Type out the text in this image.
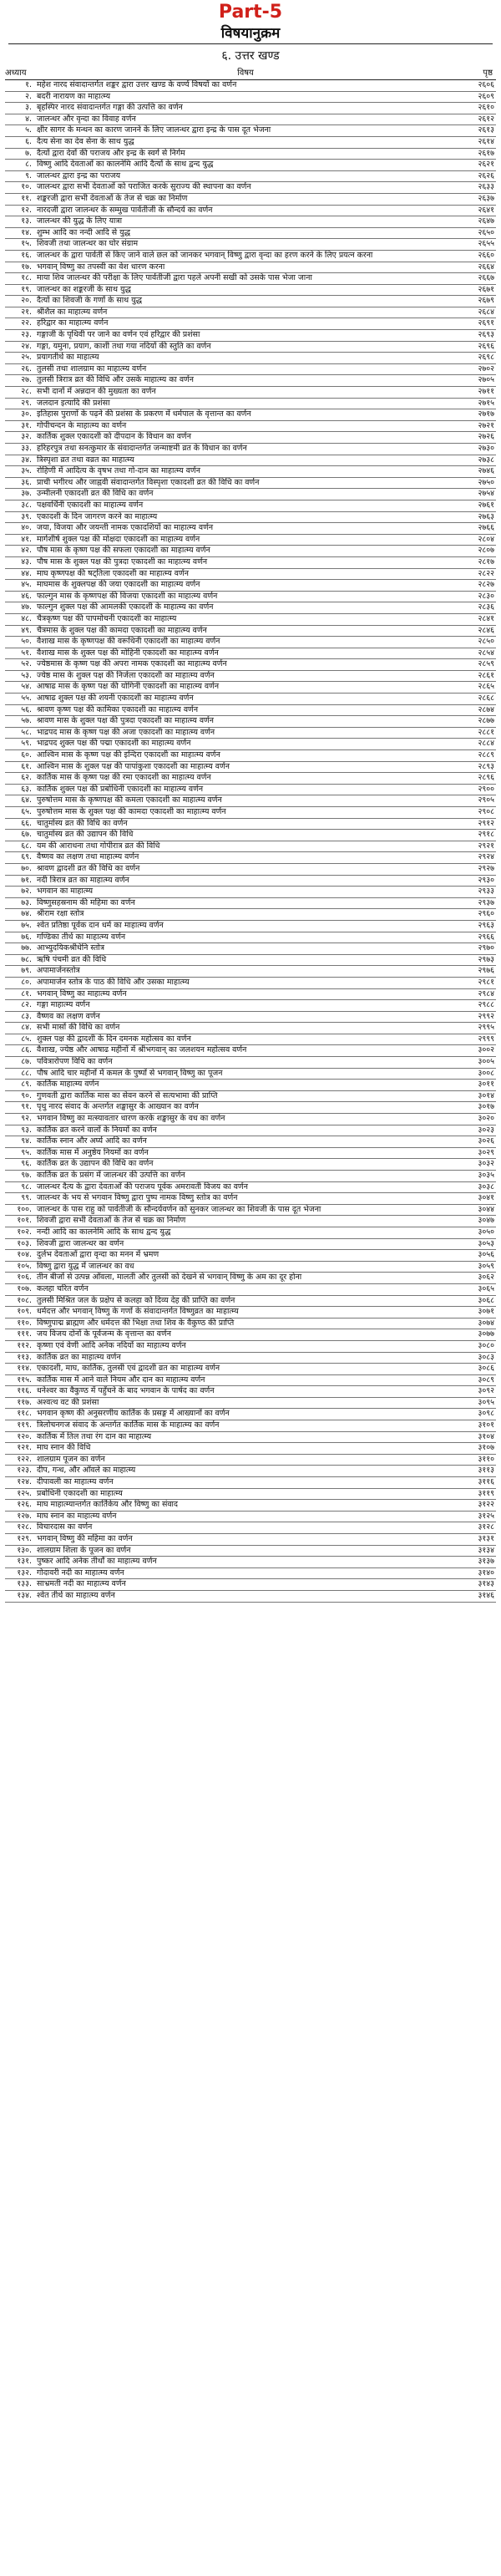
Part-5
विषयानुक्रम
६. उत्तर खण्ड
अध्याय	विषय	पृष्ठ
१. महेश नारद संवादान्तर्गत शङ्कर द्वारा उत्तर खण्ड के वर्ण्य विषयों का वर्णन	२६०६
२. बदरी नारायण का माहात्म्य	२६०९
३. बृहस्पिर नारद संवादान्तर्गत गङ्गा की उत्पत्ति का वर्णन	२६१०
४. जालन्धर और वृन्दा का विवाह वर्णन	२६१२
५. क्षीर सागर के मन्थन का कारण जानने के लिए जालन्धर द्वारा इन्द्र के पास दूत भेजना	२६१३
६. दैत्य सेना का देव सेना के साथ युद्ध	२६१४
७. दैत्यों द्वारा देवों की पराजय और इन्द्र के स्वर्ग से निर्गम	२६१७
८. विष्णु आदि देवताओं का कालनेमि आदि दैत्यों के साथ द्वन्द युद्ध	२६२१
९. जालन्धर द्वारा इन्द्र का पराजय	२६२६
१०. जालन्धर द्वारा सभी देवताओं को पराजित करके सुराज्य की स्थापना का वर्णन	२६३३
११. शङ्करजी द्वारा सभी देवताओं के तेज से चक्र का निर्माण	२६३७
१२. नारदजी द्वारा जालन्धर के सम्मुख पार्वतीजी के सौन्दर्य का वर्णन	२६४१
१३. जालन्धर की युद्ध के लिए यात्रा	२६४७
१४. शुम्भ आदि का नन्दी आदि से युद्ध	२६५०
१५. शिवजी तथा जालन्धर का घोर संग्राम	२६५५
१६. जालन्धर के द्वारा पार्वती से किए जाने वाले छल को जानकर भगवान् विष्णु द्वारा वृन्दा का हरण करने के लिए प्रयत्न करना	२६६०
१७. भगवान् विष्णु का तपस्वी का वेश धारण करना	२६६४
१८. माया शिव जालन्धर की परीक्षा के लिए पार्वतीजी द्वारा पहले अपनी सखी को उसके पास भेजा जाना	२६६७
१९. जालन्धर का शङ्करजी के साथ युद्ध	२६७१
२०. दैत्यों का शिवजी के गणों के साथ युद्ध	२६७९
२१. श्रीशैल का माहात्म्य वर्णन	२६८४
२२. हरिद्वार का माहात्म्य वर्णन	२६९१
२३. गङ्गाजी के पृथिवी पर जाने का वर्णन एवं हरिद्वार की प्रशंसा	२६९३
२४. गङ्गा, यमुना, प्रयाग, काशी तथा गया नदियों की स्तुति का वर्णन	२६९६
२५. प्रयागतीर्थ का माहात्म्य	२६९८
२६. तुलसी तथा शालग्राम का माहात्म्य वर्णन	२७०२
२७. तुलसी त्रिरात्र व्रत की विधि और उसके माहात्म्य का वर्णन	२७०५
२८. सभी दानों में अन्नदान की मुख्यता का वर्णन	२७११
२९. जलदान इत्यादि की प्रशंसा	२७१५
३०. इतिहास पुराणों के पढ़ने की प्रशंसा के प्रकरण में धर्मपाल के वृत्तान्त का वर्णन	२७१७
३१. गोपीचन्दन के माहात्म्य का वर्णन	२७२१
३२. कार्तिक शुक्ल एकादशी को दीपदान के विधान का वर्णन	२७२६
३३. हरिहरपुत्र तथा सनत्कुमार के संवादान्तर्गत जन्माष्टमी व्रत के विधान का वर्णन	२७३०
३४. त्रिस्पृशा व्रत तथा वव्रत का माहात्म्य	२७३८
३५. रोहिणी में आदित्य के वृषभ तथा गो-दान का माहात्म्य वर्णन	२७४६
३६. प्राची भगीरथ और जाह्नवी संवादान्तर्गत विस्पृशा एकादशी व्रत की विधि का वर्णन	२७५०
३७. उन्मीलनी एकादशी व्रत की विधि का वर्णन	२७५४
३८. पक्षवर्धिनी एकादशी का माहात्म्य वर्णन	२७६१
३९. एकादशी के दिन जागरण करने का माहात्म्य	२७६३
४०. जया, विजया और जयन्ती नामक एकादशियों का माहात्म्य वर्णन	२७६६
४१. मार्गशीर्ष शुक्ल पक्ष की मोक्षदा एकादशी का माहात्म्य वर्णन	२८०४
४२. पौष मास के कृष्ण पक्ष की सफला एकादशी का माहात्म्य वर्णन	२८०७
४३. पौष मास के शुक्ल पक्ष की पुत्रदा एकादशी का माहात्म्य वर्णन	२८१७
४४. माघ कृष्णपक्ष की षट्तिला एकादशी का माहात्म्य वर्णन	२८२२
४५. माघमास के शुक्लपक्ष की जया एकादशी का माहात्म्य वर्णन	२८२७
४६. फाल्गुन मास के कृष्णपक्ष की विजया एकादशी का माहात्म्य वर्णन	२८३०
४७. फाल्गुन शुक्ल पक्ष की आमलकी एकादशी के माहात्म्य का वर्णन	२८३६
४८. चैत्रकृष्ण पक्ष की पापमोचनी एकादशी का माहात्म्य	२८४१
४९. चैत्रमास के शुक्ल पक्ष की कामदा एकादशी का माहात्म्य वर्णन	२८४६
५०. वैशाख मास के कृष्णपक्ष की वरूथिनी एकादशी का माहात्म्य वर्णन	२८५०
५१. वैशाख मास के शुक्ल पक्ष की मोहिनी एकादशी का माहात्म्य वर्णन	२८५४
५२. ज्येष्ठमास के कृष्ण पक्ष की अपरा नामक एकादशी का माहात्म्य वर्णन	२८५९
५३. ज्येष्ठ मास के शुक्ल पक्ष की निर्जला एकादशी का माहात्म्य वर्णन	२८६१
५४. आषाढ मास के कृष्ण पक्ष की योगिनी एकादशी का माहात्म्य वर्णन	२८६५
५५. आषाढ शुक्ल पक्ष की शयनी एकादशी का माहात्म्य वर्णन	२८६८
५६. श्रावण कृष्ण पक्ष की कामिका एकादशी का माहात्म्य वर्णन	२८७४
५७. श्रावण मास के शुक्ल पक्ष की पुत्रदा एकादशी का माहात्म्य वर्णन	२८७७
५८. भाद्रपद मास के कृष्ण पक्ष की अजा एकादशी का माहात्म्य वर्णन	२८८१
५९. भाद्रपद शुक्ल पक्ष की पद्मा एकादशी का माहात्म्य वर्णन	२८८४
६०. आश्विन मास के कृष्ण पक्ष की इन्दिरा एकादशी का माहात्म्य वर्णन	२८८९
६१. आश्विन मास के शुक्ल पक्ष की पापांकुशा एकादशी का माहात्म्य वर्णन	२८९३
६२. कार्तिक मास के कृष्ण पक्ष की रमा एकादशी का माहात्म्य वर्णन	२८९६
६३. कार्तिक शुक्ल पक्ष की प्रबोधिनी एकादशी का माहात्म्य वर्णन	२९००
६४. पुरुषोत्तम मास के कृष्णपक्ष की कमला एकादशी का माहात्म्य वर्णन	२९०५
६५. पुरुषोत्तम मास के शुक्ल पक्ष की कामदा एकादशी का माहात्म्य वर्णन	२९०८
६६. चातुर्मास्य व्रत की विधि का वर्णन	२९१२
६७. चातुर्मास्य व्रत की उद्यापन की विधि	२९१८
६८. यम की आराधना तथा गोपीरात्र व्रत की विधि	२९२१
६९. वैष्णव का लक्षण तथा माहात्म्य वर्णन	२९२४
७०. श्रावण द्वादशी व्रत की विधि का वर्णन	२९२७
७१. नदी त्रिरात्र व्रत का माहात्म्य वर्णन	२९३०
७२. भगवान का माहात्म्य	२९३३
७३. विष्णुसहस्रनाम की महिमा का वर्णन	२९३७
७४. श्रीराम रक्षा स्तोत्र	२९६०
७५. श्वेत प्रतिष्ठा पूर्वक दान धर्म का माहात्म्य वर्णन	२९६३
७६. गण्डिका तीर्थ का माहात्म्य वर्णन	२९६६
७७. आभ्युदयिकश्रीधेनि स्तोत्र	२९७०
७८. ऋषि पंचमी व्रत की विधि	२९७३
७९. अपामार्जनस्तोत्र	२९७६
८०. अपामार्जन स्तोत्र के पाठ की विधि और उसका माहात्म्य	२९८१
८१. भगवान् विष्णु का माहात्म्य वर्णन	२९८४
८२. गङ्गा माहात्म्य वर्णन	२९८८
८३. वैष्णव का लक्षण वर्णन	२९९२
८४. सभी मासों की विधि का वर्णन	२९९५
८५. शुक्ल पक्ष की द्वादशी के दिन दमनक महोत्सव का वर्णन	२९९९
८६. वैशाख, ज्येष्ठ और आषाढ महीनों में श्रीभगवान् का जलशयन महोत्सव वर्णन	३००२
८७. पवित्रारोपण विधि का वर्णन	३००५
८८. पौष आदि चार महीनों में कमल के पुष्पों से भगवान् विष्णु का पूजन	३००८
८९. कार्तिक माहात्म्य वर्णन	३०११
९०. गुणवती द्वारा कार्तिक मास का सेवन करने से सत्यभामा की प्राप्ति	३०१४
९१. पृथु नारद संवाद के अन्तर्गत शङ्खासुर के आख्यान का वर्णन	३०१७
९२. भगवान विष्णु का मत्स्यावतार धारण करके शङ्खासुर के वध का वर्णन	३०२०
९३. कार्तिक व्रत करने वालों के नियमों का वर्णन	३०२३
९४. कार्तिक स्नान और अर्घ्य आदि का वर्णन	३०२६
९५. कार्तिक मास में अनुष्ठेय नियमों का वर्णन	३०२९
९६. कार्तिक व्रत के उद्यापन की विधि का वर्णन	३०३२
९७. कार्तिक व्रत के प्रसंग में जालन्धर की उत्पत्ति का वर्णन	३०३५
९८. जालन्धर दैत्य के द्वारा देवताओं की पराजय पूर्वक अमरावती विजय का वर्णन	३०३८
९९. जालन्धर के भय से भगवान विष्णु द्वारा पुष्प नामक विष्णु स्तोत्र का वर्णन	३०४१
१००. जालन्धर के पास राहु को पार्वतीजी के सौन्दर्यवर्णन को सुनकर जालन्धर का शिवजी के पास दूत भेजना	३०४४
१०१. शिवजी द्वारा सभी देवताओं के तेज से चक्र का निर्माण	३०४७
१०२. नन्दी आदि का कालनेमि आदि के साथ द्वन्द युद्ध	३०५०
१०३. शिवजी द्वारा जालन्धर का वर्णन	३०५३
१०४. दुर्लभ देवताओं द्वारा वृन्दा का मनन में भ्रमण	३०५६
१०५. विष्णु द्वारा युद्ध में जालन्धर का वध	३०५९
१०६. तीन बीजों से उत्पन्न आँवला, मालती और तुलसी को देखने से भगवान् विष्णु के अम का दूर होना	३०६२
१०७. कलहा चरित वर्णन	३०६५
१०८. तुलसी मिश्रित जल के प्रक्षेप से कलहा को दिव्य देह की प्राप्ति का वर्णन	३०६८
१०९. धर्मदत्त और भगवान् विष्णु के गणों के संवादान्तर्गत विष्णुव्रत का माहात्म्य	३०७१
११०. विष्णुपाद्म ब्राह्मण और धर्मदत्त की भिक्षा तथा शिव के वैकुण्ठ की प्राप्ति	३०७४
१११. जय विजय दोनों के पूर्वजन्म के वृत्तान्त का वर्णन	३०७७
११२. कृष्णा एवं वेणी आदि अनेक नदियों का माहात्म्य वर्णन	३०८०
११३. कार्तिक व्रत का माहात्म्य वर्णन	३०८३
११४. एकादशी, माघ, कार्तिक, तुलसी एवं द्वादशी व्रत का माहात्म्य वर्णन	३०८६
११५. कार्तिक मास में आने वाले नियम और दान का माहात्म्य वर्णन	३०८९
११६. धनेश्वर का वैकुण्ठ में पहुँचने के बाद भगवान के पार्षद का वर्णन	३०९२
११७. अश्वत्थ वट की प्रशंसा	३०९५
११८. भगवान कृष्ण की अनुसरणीय कार्तिक के प्रसङ्ग में आख्यानों का वर्णन	३०९८
११९. त्रिलोचनगज संवाद के अन्तर्गत कार्तिक मास के माहात्म्य का वर्णन	३१०१
१२०. कार्तिक में तिल तथा रंग दान का माहात्म्य	३१०४
१२१. माघ स्नान की विधि	३१०७
१२२. शालग्राम पूजन का वर्णन	३११०
१२३. दीप, गन्ध, और आँवले का माहात्म्य	३११३
१२४. दीपावली का माहात्म्य वर्णन	३११६
१२५. प्रबोधिनी एकादशी का माहात्म्य	३११९
१२६. माघ माहात्म्यान्तर्गत कार्तिकेय और विष्णु का संवाद	३१२२
१२७. माघ स्नान का माहात्म्य वर्णन	३१२५
१२८. विचारदास का वर्णन	३१२८
१२९. भगवान् विष्णु की महिमा का वर्णन	३१३१
१३०. शालग्राम शिला के पूजन का वर्णन	३१३४
१३१. पुष्कर आदि अनेक तीर्थों का माहात्म्य वर्णन	३१३७
१३२. गोदावरी नदी का माहात्म्य वर्णन	३१४०
१३३. साभ्रमती नदी का माहात्म्य वर्णन	३१४३
१३४. श्वेत तीर्थ का माहात्म्य वर्णन	३१४६
